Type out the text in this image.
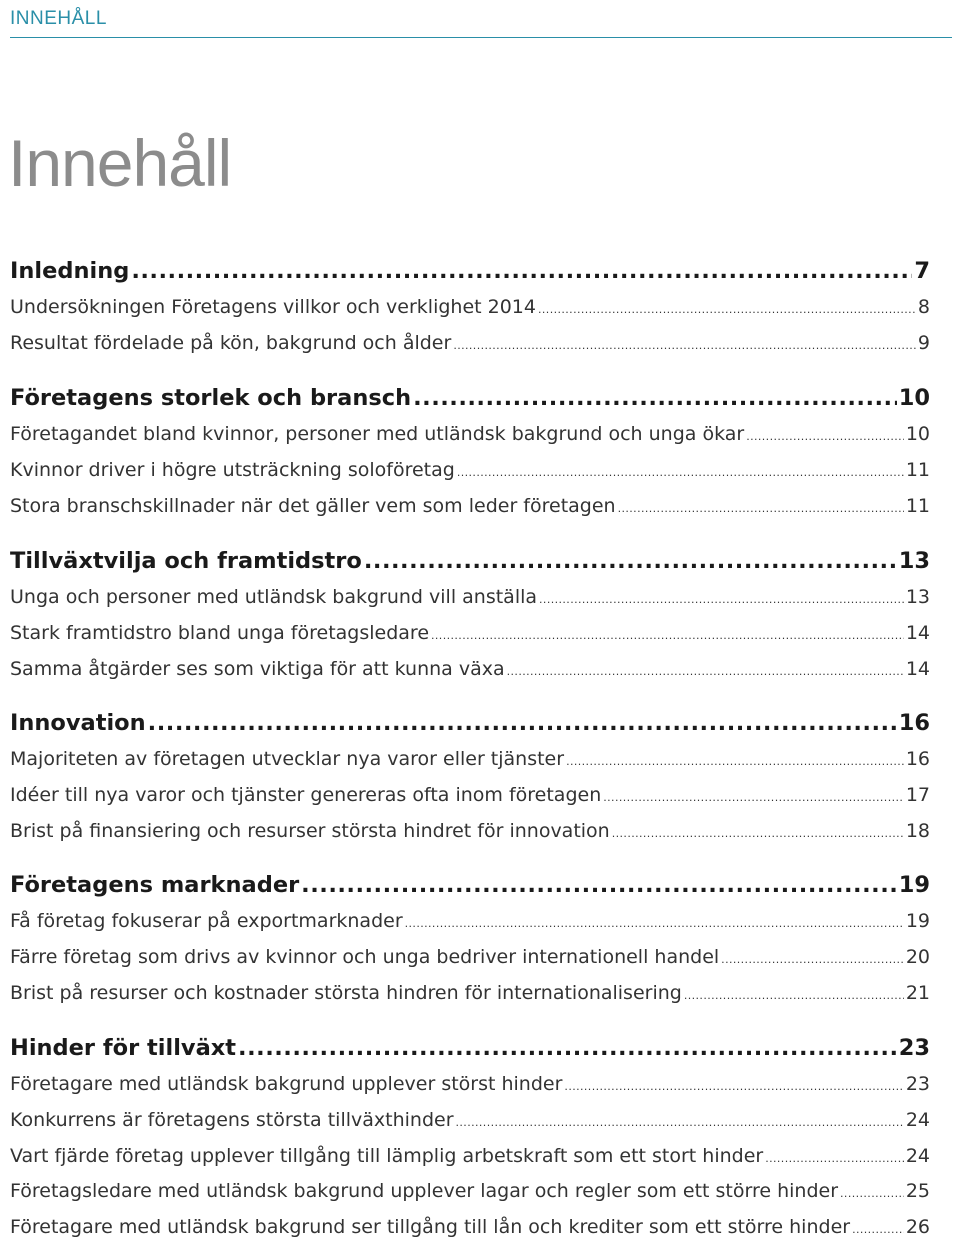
INNEHÅLL
Innehåll
Inledning .....	7
Undersökningen Företagens villkor och verklighet 2014 .....	8
Resultat fördelade på kön, bakgrund och ålder .....	9
Företagens storlek och bransch .....	10
Företagandet bland kvinnor, personer med utländsk bakgrund och unga ökar .....	10
Kvinnor driver i högre utsträckning soloföretag .....	11
Stora branschskillnader när det gäller vem som leder företagen .....	11
Tillväxtvilja och framtidstro .....	13
Unga och personer med utländsk bakgrund vill anställa .....	13
Stark framtidstro bland unga företagsledare .....	14
Samma åtgärder ses som viktiga för att kunna växa .....	14
Innovation .....	16
Majoriteten av företagen utvecklar nya varor eller tjänster .....	16
Idéer till nya varor och tjänster genereras ofta inom företagen .....	17
Brist på finansiering och resurser största hindret för innovation .....	18
Företagens marknader .....	19
Få företag fokuserar på exportmarknader .....	19
Färre företag som drivs av kvinnor och unga bedriver internationell handel .....	20
Brist på resurser och kostnader största hindren för internationalisering .....	21
Hinder för tillväxt .....	23
Företagare med utländsk bakgrund upplever störst hinder .....	23
Konkurrens är företagens största tillväxthinder .....	24
Vart fjärde företag upplever tillgång till lämplig arbetskraft som ett stort hinder .....	24
Företagsledare med utländsk bakgrund upplever lagar och regler som ett större hinder .....	25
Företagare med utländsk bakgrund ser tillgång till lån och krediter som ett större hinder .....	26
